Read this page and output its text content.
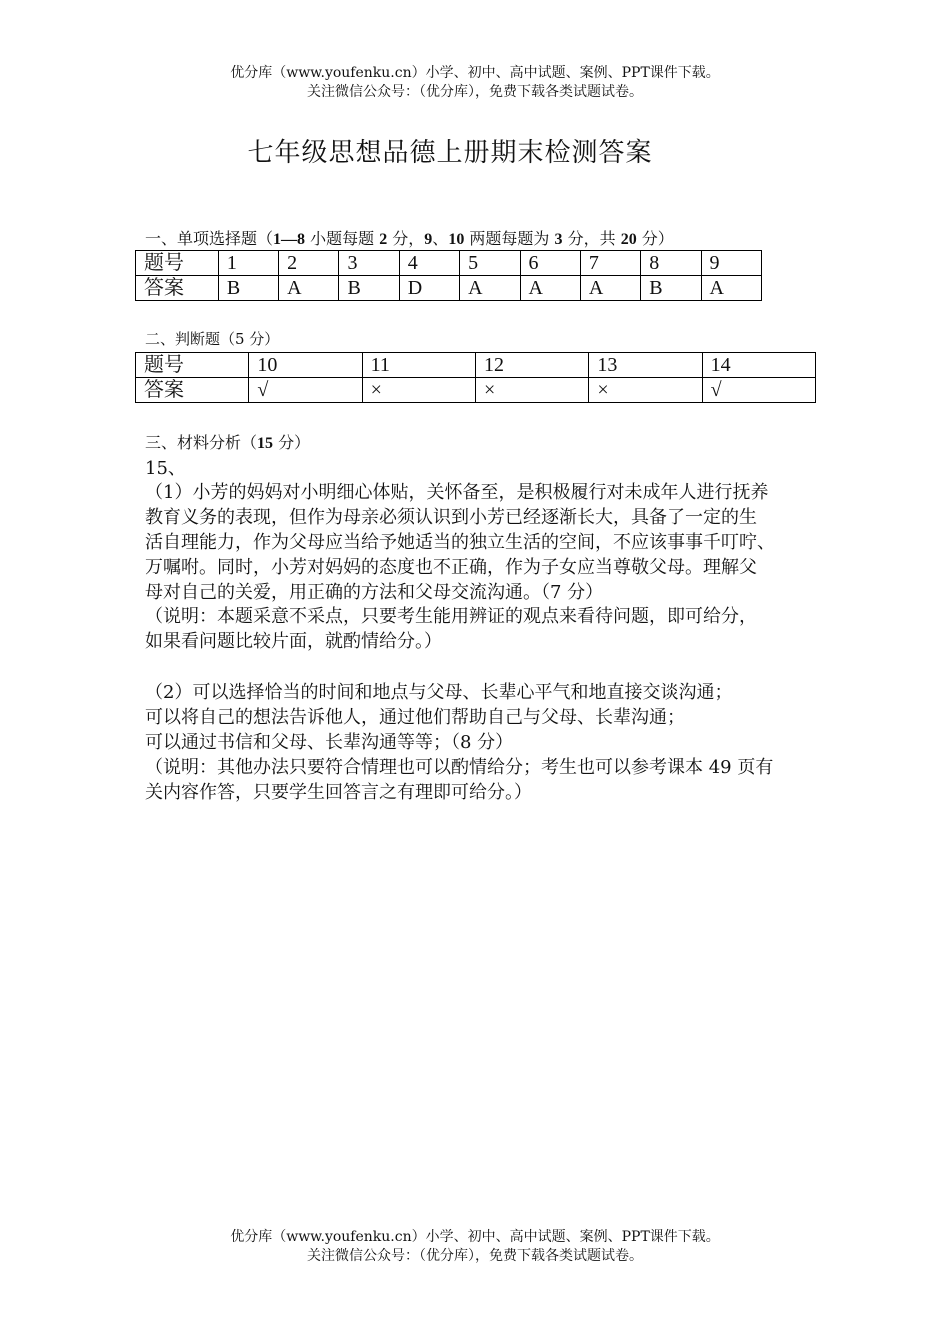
优分库（www.youfenku.cn）小学、初中、高中试题、案例、PPT课件下载。
关注微信公众号：（优分库），免费下载各类试题试卷。
七年级思想品德上册期末检测答案
一、单项选择题（1—8 小题每题 2 分，9、10 两题每题为 3 分，共 20 分）
题号	1	2	3	4	5	6	7	8	9
答案	B	A	B	D	A	A	A	B	A
二、判断题（5 分）
题号	10	11	12	13	14
答案	√	×	×	×	√
三、材料分析（15 分）
15、
（1）小芳的妈妈对小明细心体贴，关怀备至，是积极履行对未成年人进行抚养
教育义务的表现，但作为母亲必须认识到小芳已经逐渐长大，具备了一定的生
活自理能力，作为父母应当给予她适当的独立生活的空间，不应该事事千叮咛、
万嘱咐。同时，小芳对妈妈的态度也不正确，作为子女应当尊敬父母。理解父
母对自己的关爱，用正确的方法和父母交流沟通。（7 分）
（说明：本题采意不采点，只要考生能用辨证的观点来看待问题，即可给分，
如果看问题比较片面，就酌情给分。）
（2）可以选择恰当的时间和地点与父母、长辈心平气和地直接交谈沟通；
可以将自己的想法告诉他人，通过他们帮助自己与父母、长辈沟通；
可以通过书信和父母、长辈沟通等等；（8 分）
（说明：其他办法只要符合情理也可以酌情给分；考生也可以参考课本 49 页有
关内容作答，只要学生回答言之有理即可给分。）
优分库（www.youfenku.cn）小学、初中、高中试题、案例、PPT课件下载。
关注微信公众号：（优分库），免费下载各类试题试卷。
